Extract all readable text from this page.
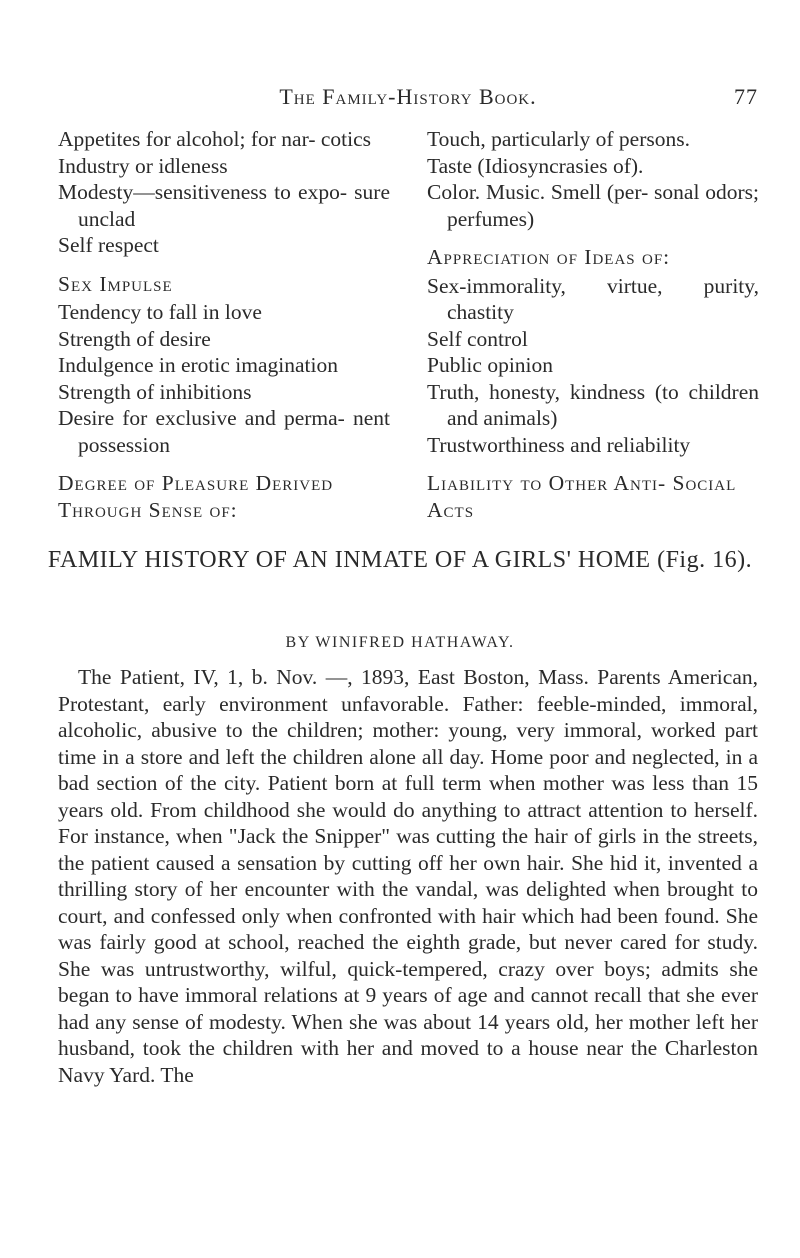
The Family-History Book.	77
Appetites for alcohol; for nar- cotics
Industry or idleness
Modesty—sensitiveness to expo- sure unclad
Self respect
Sex Impulse
Tendency to fall in love
Strength of desire
Indulgence in erotic imagination
Strength of inhibitions
Desire for exclusive and perma- nent possession
Degree of Pleasure Derived Through Sense of:
Touch, particularly of persons.
Taste (Idiosyncrasies of).
Color. Music. Smell (per- sonal odors; perfumes)
Appreciation of Ideas of:
Sex-immorality, virtue, purity, chastity
Self control
Public opinion
Truth, honesty, kindness (to children and animals)
Trustworthiness and reliability
Liability to Other Anti- Social Acts
FAMILY HISTORY OF AN INMATE OF A GIRLS' HOME (Fig. 16).
BY WINIFRED HATHAWAY.
The Patient, IV, 1, b. Nov. —, 1893, East Boston, Mass. Parents American, Protestant, early environment unfavorable. Father: feeble-minded, immoral, alcoholic, abusive to the children; mother: young, very immoral, worked part time in a store and left the children alone all day. Home poor and neglected, in a bad section of the city. Patient born at full term when mother was less than 15 years old. From childhood she would do anything to attract attention to herself. For instance, when "Jack the Snipper" was cutting the hair of girls in the streets, the patient caused a sensation by cutting off her own hair. She hid it, invented a thrilling story of her encounter with the vandal, was delighted when brought to court, and confessed only when confronted with hair which had been found. She was fairly good at school, reached the eighth grade, but never cared for study. She was untrustworthy, wilful, quick-tempered, crazy over boys; admits she began to have immoral relations at 9 years of age and cannot recall that she ever had any sense of modesty. When she was about 14 years old, her mother left her husband, took the children with her and moved to a house near the Charleston Navy Yard. The
